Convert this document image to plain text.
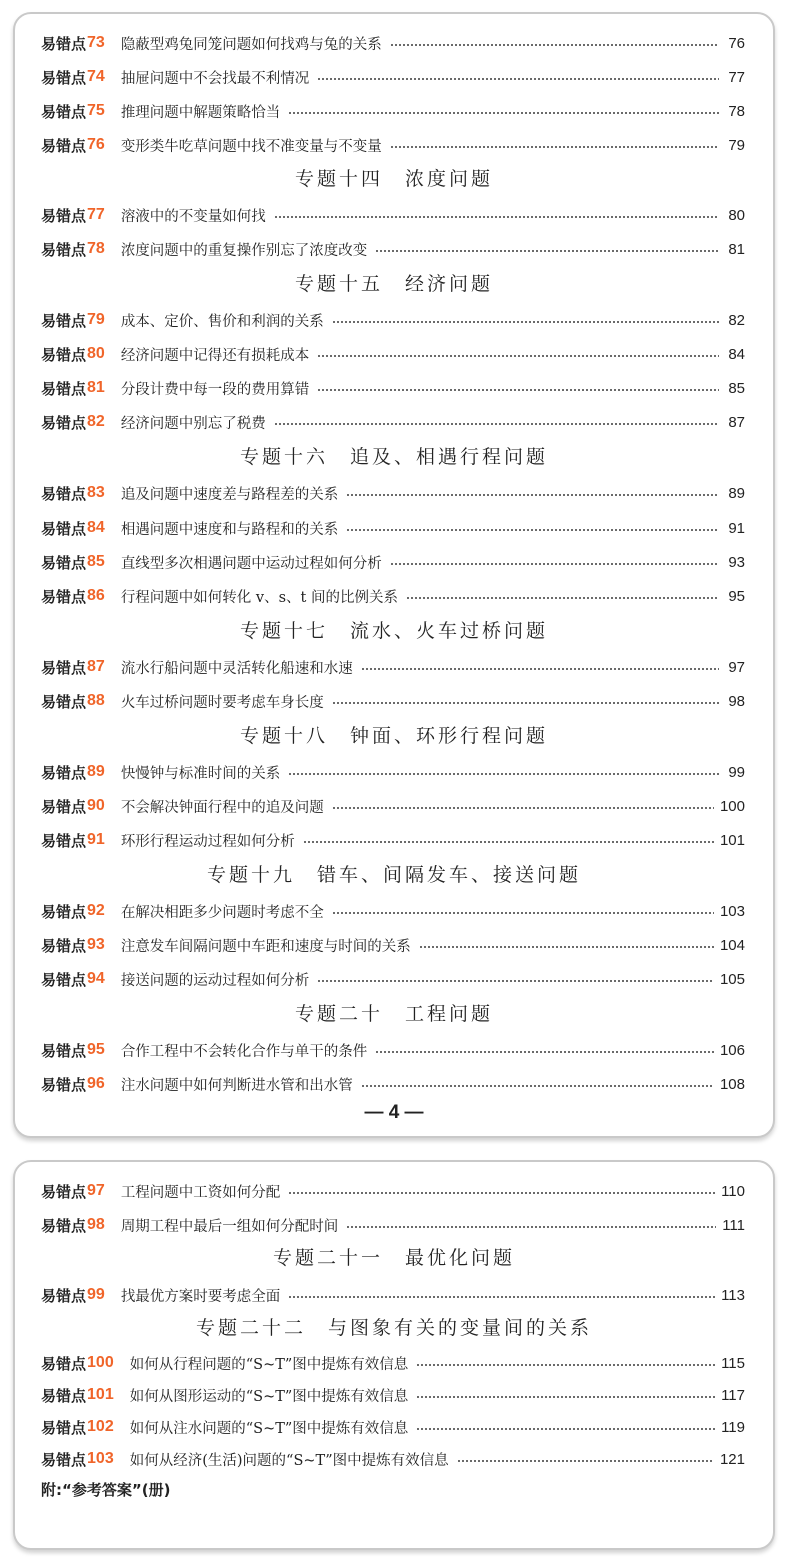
易错点 73 隐蔽型鸡兔同笼问题如何找鸡与兔的关系	76
易错点 74 抽屉问题中不会找最不利情况	77
易错点 75 推理问题中解题策略恰当	78
易错点 76 变形类牛吃草问题中找不准变量与不变量	79
专题十四　浓度问题
易错点 77 溶液中的不变量如何找	80
易错点 78 浓度问题中的重复操作别忘了浓度改变	81
专题十五　经济问题
易错点 79 成本、定价、售价和利润的关系	82
易错点 80 经济问题中记得还有损耗成本	84
易错点 81 分段计费中每一段的费用算错	85
易错点 82 经济问题中别忘了税费	87
专题十六　追及、相遇行程问题
易错点 83 追及问题中速度差与路程差的关系	89
易错点 84 相遇问题中速度和与路程和的关系	91
易错点 85 直线型多次相遇问题中运动过程如何分析	93
易错点 86 行程问题中如何转化 v、s、t 间的比例关系	95
专题十七　流水、火车过桥问题
易错点 87 流水行船问题中灵活转化船速和水速	97
易错点 88 火车过桥问题时要考虑车身长度	98
专题十八　钟面、环形行程问题
易错点 89 快慢钟与标准时间的关系	99
易错点 90 不会解决钟面行程中的追及问题	100
易错点 91 环形行程运动过程如何分析	101
专题十九　错车、间隔发车、接送问题
易错点 92 在解决相距多少问题时考虑不全	103
易错点 93 注意发车间隔问题中车距和速度与时间的关系	104
易错点 94 接送问题的运动过程如何分析	105
专题二十　工程问题
易错点 95 合作工程中不会转化合作与单干的条件	106
易错点 96 注水问题中如何判断进水管和出水管	108
— 4 —
易错点 97 工程问题中工资如何分配	110
易错点 98 周期工程中最后一组如何分配时间	111
专题二十一　最优化问题
易错点 99 找最优方案时要考虑全面	113
专题二十二　与图象有关的变量间的关系
易错点 100 如何从行程问题的“S~T”图中提炼有效信息	115
易错点 101 如何从图形运动的“S~T”图中提炼有效信息	117
易错点 102 如何从注水问题的“S~T”图中提炼有效信息	119
易错点 103 如何从经济(生活)问题的“S~T”图中提炼有效信息	121
附:“参考答案”(册)
